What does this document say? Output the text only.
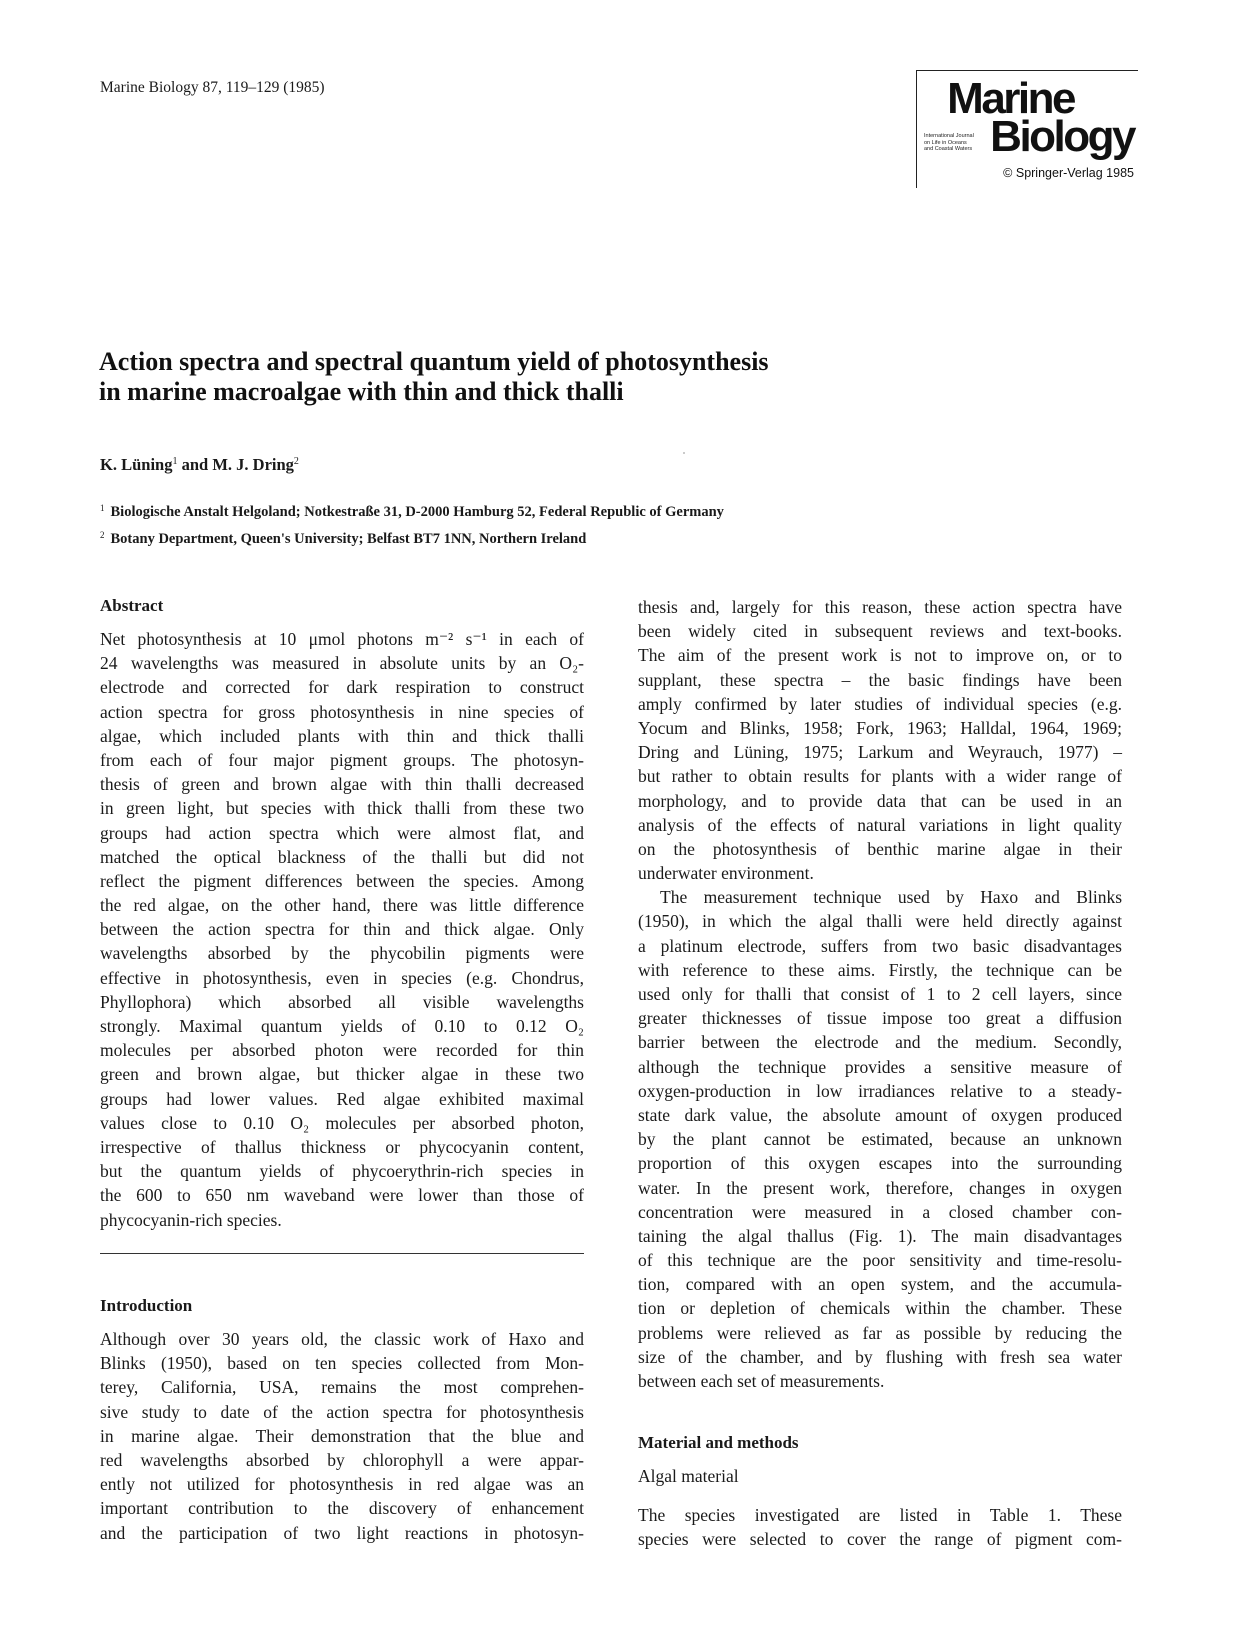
Marine Biology 87, 119–129 (1985)	Marine
International Journal
on Life in Oceans
and Coastal Waters Biology
© Springer-Verlag 1985
Action spectra and spectral quantum yield of photosynthesis
in marine macroalgae with thin and thick thalli
K. Lüning$^1$ and M. J. Dring$^2$
$^1$ Biologische Anstalt Helgoland; Notkestraße 31, D-2000 Hamburg 52, Federal Republic of Germany
$^2$ Botany Department, Queen's University; Belfast BT7 1NN, Northern Ireland
Abstract
Net photosynthesis at 10 μmol photons m⁻² s⁻¹ in each of
24 wavelengths was measured in absolute units by an O₂-
electrode and corrected for dark respiration to construct
action spectra for gross photosynthesis in nine species of
algae, which included plants with thin and thick thalli
from each of four major pigment groups. The photosyn-
thesis of green and brown algae with thin thalli decreased
in green light, but species with thick thalli from these two
groups had action spectra which were almost flat, and
matched the optical blackness of the thalli but did not
reflect the pigment differences between the species. Among
the red algae, on the other hand, there was little difference
between the action spectra for thin and thick algae. Only
wavelengths absorbed by the phycobilin pigments were
effective in photosynthesis, even in species (e.g. Chondrus,
Phyllophora) which absorbed all visible wavelengths
strongly. Maximal quantum yields of 0.10 to 0.12 O₂
molecules per absorbed photon were recorded for thin
green and brown algae, but thicker algae in these two
groups had lower values. Red algae exhibited maximal
values close to 0.10 O₂ molecules per absorbed photon,
irrespective of thallus thickness or phycocyanin content,
but the quantum yields of phycoerythrin-rich species in
the 600 to 650 nm waveband were lower than those of
phycocyanin-rich species.
Introduction
Although over 30 years old, the classic work of Haxo and
Blinks (1950), based on ten species collected from Mon-
terey, California, USA, remains the most comprehen-
sive study to date of the action spectra for photosynthesis
in marine algae. Their demonstration that the blue and
red wavelengths absorbed by chlorophyll a were appar-
ently not utilized for photosynthesis in red algae was an
important contribution to the discovery of enhancement
and the participation of two light reactions in photosyn-
thesis and, largely for this reason, these action spectra have
been widely cited in subsequent reviews and text-books.
The aim of the present work is not to improve on, or to
supplant, these spectra – the basic findings have been
amply confirmed by later studies of individual species (e.g.
Yocum and Blinks, 1958; Fork, 1963; Halldal, 1964, 1969;
Dring and Lüning, 1975; Larkum and Weyrauch, 1977) –
but rather to obtain results for plants with a wider range of
morphology, and to provide data that can be used in an
analysis of the effects of natural variations in light quality
on the photosynthesis of benthic marine algae in their
underwater environment.
The measurement technique used by Haxo and Blinks
(1950), in which the algal thalli were held directly against
a platinum electrode, suffers from two basic disadvantages
with reference to these aims. Firstly, the technique can be
used only for thalli that consist of 1 to 2 cell layers, since
greater thicknesses of tissue impose too great a diffusion
barrier between the electrode and the medium. Secondly,
although the technique provides a sensitive measure of
oxygen-production in low irradiances relative to a steady-
state dark value, the absolute amount of oxygen produced
by the plant cannot be estimated, because an unknown
proportion of this oxygen escapes into the surrounding
water. In the present work, therefore, changes in oxygen
concentration were measured in a closed chamber con-
taining the algal thallus (Fig. 1). The main disadvantages
of this technique are the poor sensitivity and time-resolu-
tion, compared with an open system, and the accumula-
tion or depletion of chemicals within the chamber. These
problems were relieved as far as possible by reducing the
size of the chamber, and by flushing with fresh sea water
between each set of measurements.
Material and methods
Algal material
The species investigated are listed in Table 1. These
species were selected to cover the range of pigment com-
